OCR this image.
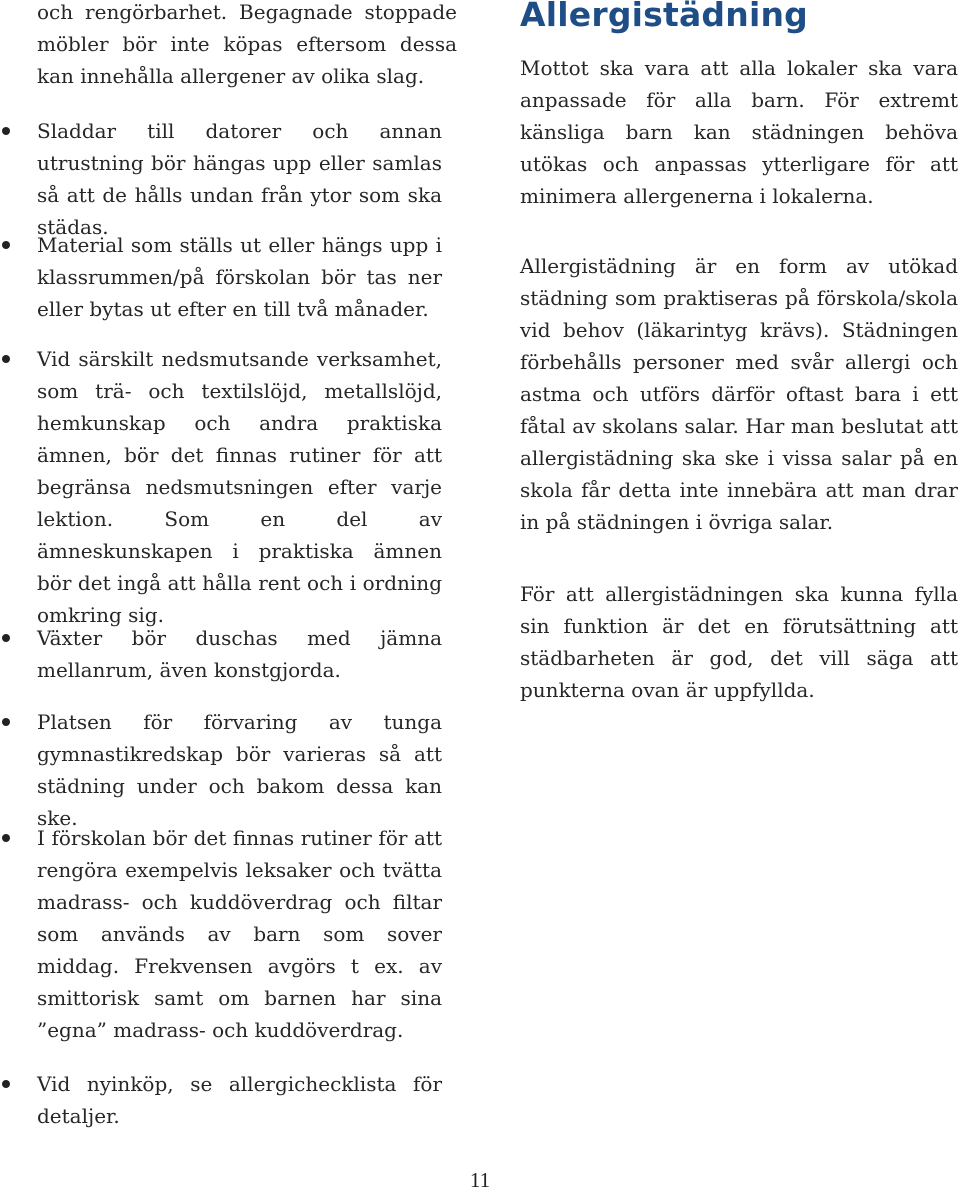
och rengörbarhet. Begagnade stoppade möbler bör inte köpas eftersom dessa kan innehålla allergener av olika slag.

Sladdar till datorer och annan utrustning bör hängas upp eller samlas så att de hålls undan från ytor som ska städas.
Material som ställs ut eller hängs upp i klassrummen/på förskolan bör tas ner eller bytas ut efter en till två månader.
Vid särskilt nedsmutsande verksamhet, som trä- och textilslöjd, metallslöjd, hemkunskap och andra praktiska ämnen, bör det finnas rutiner för att begränsa nedsmutsningen efter varje lektion. Som en del av ämneskunskapen i praktiska ämnen bör det ingå att hålla rent och i ordning omkring sig.
Växter bör duschas med jämna mellanrum, även konstgjorda.
Platsen för förvaring av tunga gymnastikredskap bör varieras så att städning under och bakom dessa kan ske.
I förskolan bör det finnas rutiner för att rengöra exempelvis leksaker och tvätta madrass- och kuddöverdrag och filtar som används av barn som sover middag. Frekvensen avgörs t ex. av smittorisk samt om barnen har sina ”egna” madrass- och kuddöverdrag.
Vid nyinköp, se allergichecklista för detaljer.
Allergistädning

Mottot ska vara att alla lokaler ska vara anpassade för alla barn. För extremt känsliga barn kan städningen behöva utökas och anpassas ytterligare för att minimera allergenerna i lokalerna.

Allergistädning är en form av utökad städning som praktiseras på förskola/skola vid behov (läkarintyg krävs). Städningen förbehålls personer med svår allergi och astma och utförs därför oftast bara i ett fåtal av skolans salar. Har man beslutat att allergistädning ska ske i vissa salar på en skola får detta inte innebära att man drar in på städningen i övriga salar.

För att allergistädningen ska kunna fylla sin funktion är det en förutsättning att städbarheten är god, det vill säga att punkterna ovan är uppfyllda.

11
